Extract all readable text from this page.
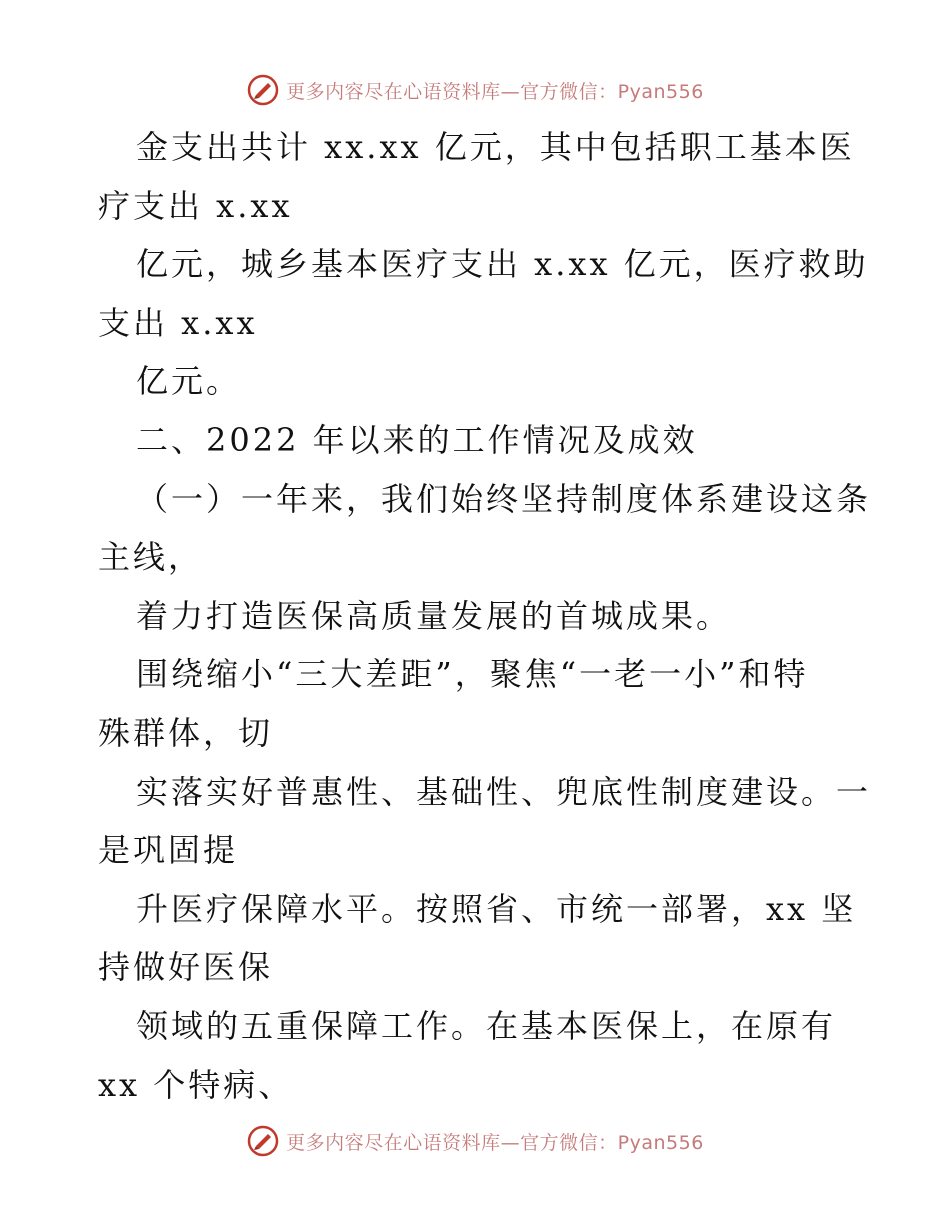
更多内容尽在心语资料库—官方微信：Pyan556
金支出共计 xx.xx 亿元，其中包括职工基本医
疗支出 x.xx
亿元，城乡基本医疗支出 x.xx 亿元，医疗救助
支出 x.xx
亿元。
二、2022 年以来的工作情况及成效
（一）一年来，我们始终坚持制度体系建设这条
主线，
着力打造医保高质量发展的首城成果。
围绕缩小“三大差距”，聚焦“一老一小”和特
殊群体，切
实落实好普惠性、基础性、兜底性制度建设。一
是巩固提
升医疗保障水平。按照省、市统一部署，xx 坚
持做好医保
领域的五重保障工作。在基本医保上，在原有
xx 个特病、
更多内容尽在心语资料库—官方微信：Pyan556
